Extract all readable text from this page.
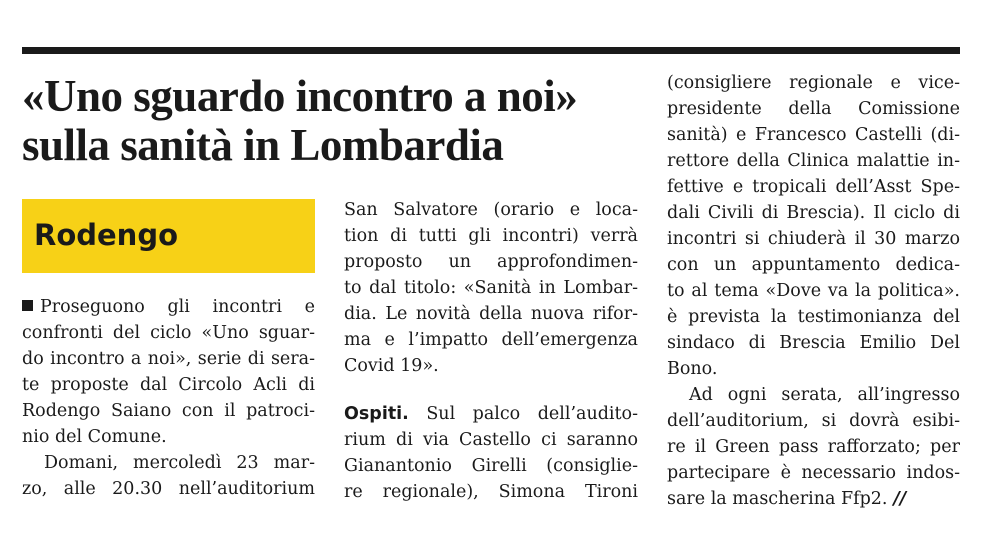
«Uno sguardo incontro a noi»
sulla sanità in Lombardia
Rodengo
Proseguono gli incontri e
confronti del ciclo «Uno sguar-
do incontro a noi», serie di sera-
te proposte dal Circolo Acli di
Rodengo Saiano con il patroci-
nio del Comune.
Domani, mercoledì 23 mar-
zo, alle 20.30 nell’auditorium
San Salvatore (orario e loca-
tion di tutti gli incontri) verrà
proposto un approfondimen-
to dal titolo: «Sanità in Lombar-
dia. Le novità della nuova rifor-
ma e l’impatto dell’emergenza
Covid 19».
Ospiti. Sul palco dell’audito-
rium di via Castello ci saranno
Gianantonio Girelli (consiglie-
re regionale), Simona Tironi
(consigliere regionale e vice-
presidente della Comissione
sanità) e Francesco Castelli (di-
rettore della Clinica malattie in-
fettive e tropicali dell’Asst Spe-
dali Civili di Brescia). Il ciclo di
incontri si chiuderà il 30 marzo
con un appuntamento dedica-
to al tema «Dove va la politica».
è prevista la testimonianza del
sindaco di Brescia Emilio Del
Bono.
Ad ogni serata, all’ingresso
dell’auditorium, si dovrà esibi-
re il Green pass rafforzato; per
partecipare è necessario indos-
sare la mascherina Ffp2. //
